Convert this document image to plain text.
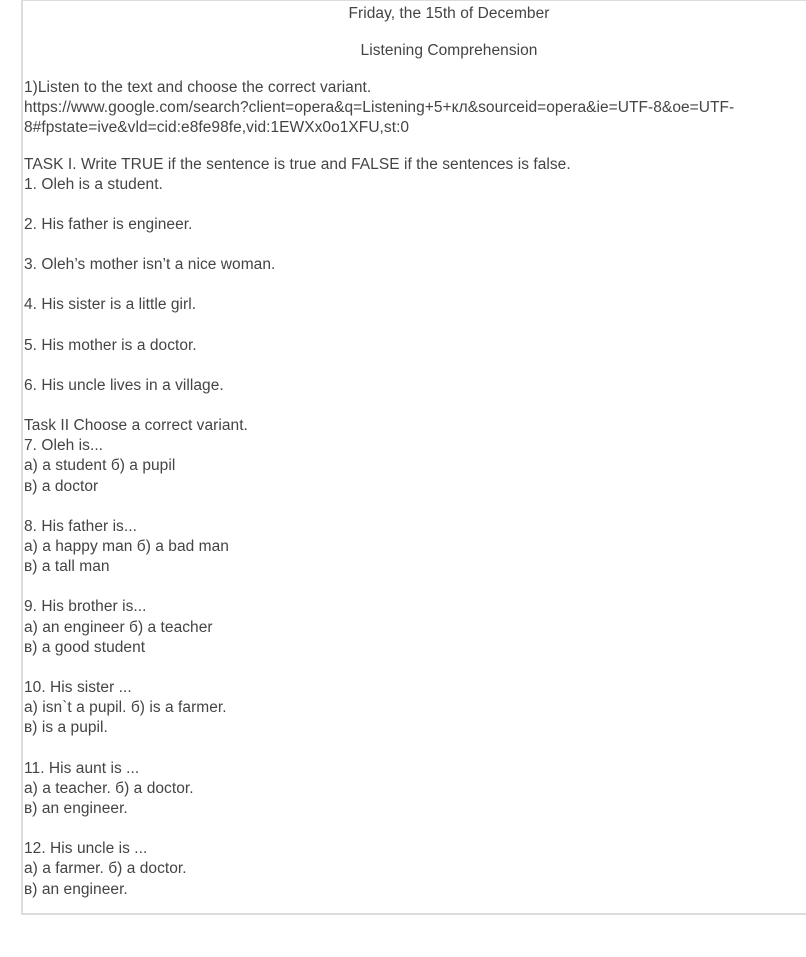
Friday, the 15th of December
Listening Comprehension
1)Listen to the text and choose the correct variant.
https://www.google.com/search?client=opera&q=Listening+5+кл&sourceid=opera&ie=UTF-8&oe=UTF-
8#fpstate=ive&vld=cid:e8fe98fe,vid:1EWXx0o1XFU,st:0
TASK I. Write TRUE if the sentence is true and FALSE if the sentences is false.
1. Oleh is a student.
2. His father is engineer.
3. Oleh’s mother isn’t a nice woman.
4. His sister is a little girl.
5. His mother is a doctor.
6. His uncle lives in a village.
Task II Choose a correct variant.
7. Oleh is...
а) a student б) a pupil
в) a doctor
8. His father is...
а) a happy man б) a bad man
в) a tall man
9. His brother is...
а) an engineer б) a teacher
в) a good student
10. His sister ...
а) isn`t a pupil. б) is a farmer.
в) is a pupil.
11. His aunt is ...
а) a teacher. б) a doctor.
в) an engineer.
12. His uncle is ...
а) a farmer. б) a doctor.
в) an engineer.
